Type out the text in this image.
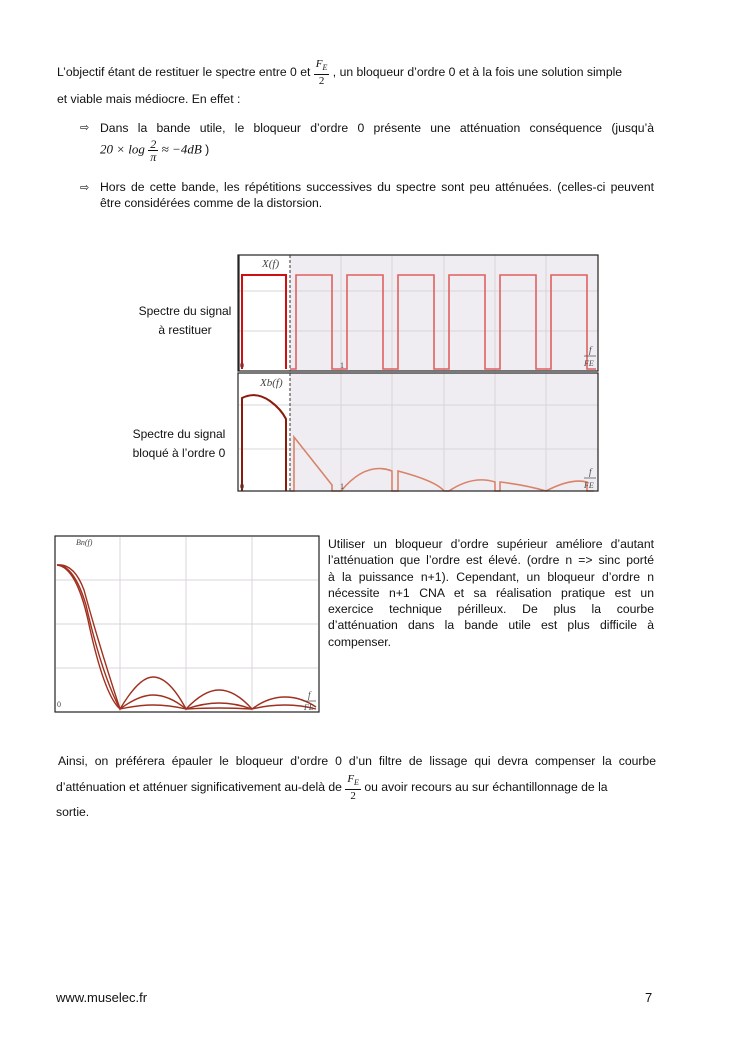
L’objectif étant de restituer le spectre entre 0 et $\frac{F_E}{2}$ , un bloqueur d’ordre 0 et à la fois une solution simple
et viable mais médiocre. En effet :
⇨ Dans la bande utile, le bloqueur d’ordre 0 présente une atténuation conséquence (jusqu’à
$20 \times \log \frac{2}{\pi} \approx -4dB$ )
⇨ Hors de cette bande, les répétitions successives du spectre sont peu atténuées. (celles-ci peuvent
être considérées comme de la distorsion.
Spectre du signal
à restituer
Spectre du signal
bloqué à l’ordre 0
X(f)
0	1
f
FE
Xb(f)
0	1
f
FE
Bn(f)
0
f
FE
Utiliser un bloqueur d’ordre supérieur améliore d’autant
l’atténuation que l’ordre est élevé. (ordre n => sinc porté
à la puissance n+1). Cependant, un bloqueur d’ordre n
nécessite n+1 CNA et sa réalisation pratique est un
exercice technique périlleux. De plus la courbe
d’atténuation dans la bande utile est plus difficile à
compenser.
Ainsi, on préférera épauler le bloqueur d’ordre 0 d’un filtre de lissage qui devra compenser la courbe
d’atténuation et atténuer significativement au-delà de $\frac{F_E}{2}$ ou avoir recours au sur échantillonnage de la
sortie.
www.muselec.fr	7
